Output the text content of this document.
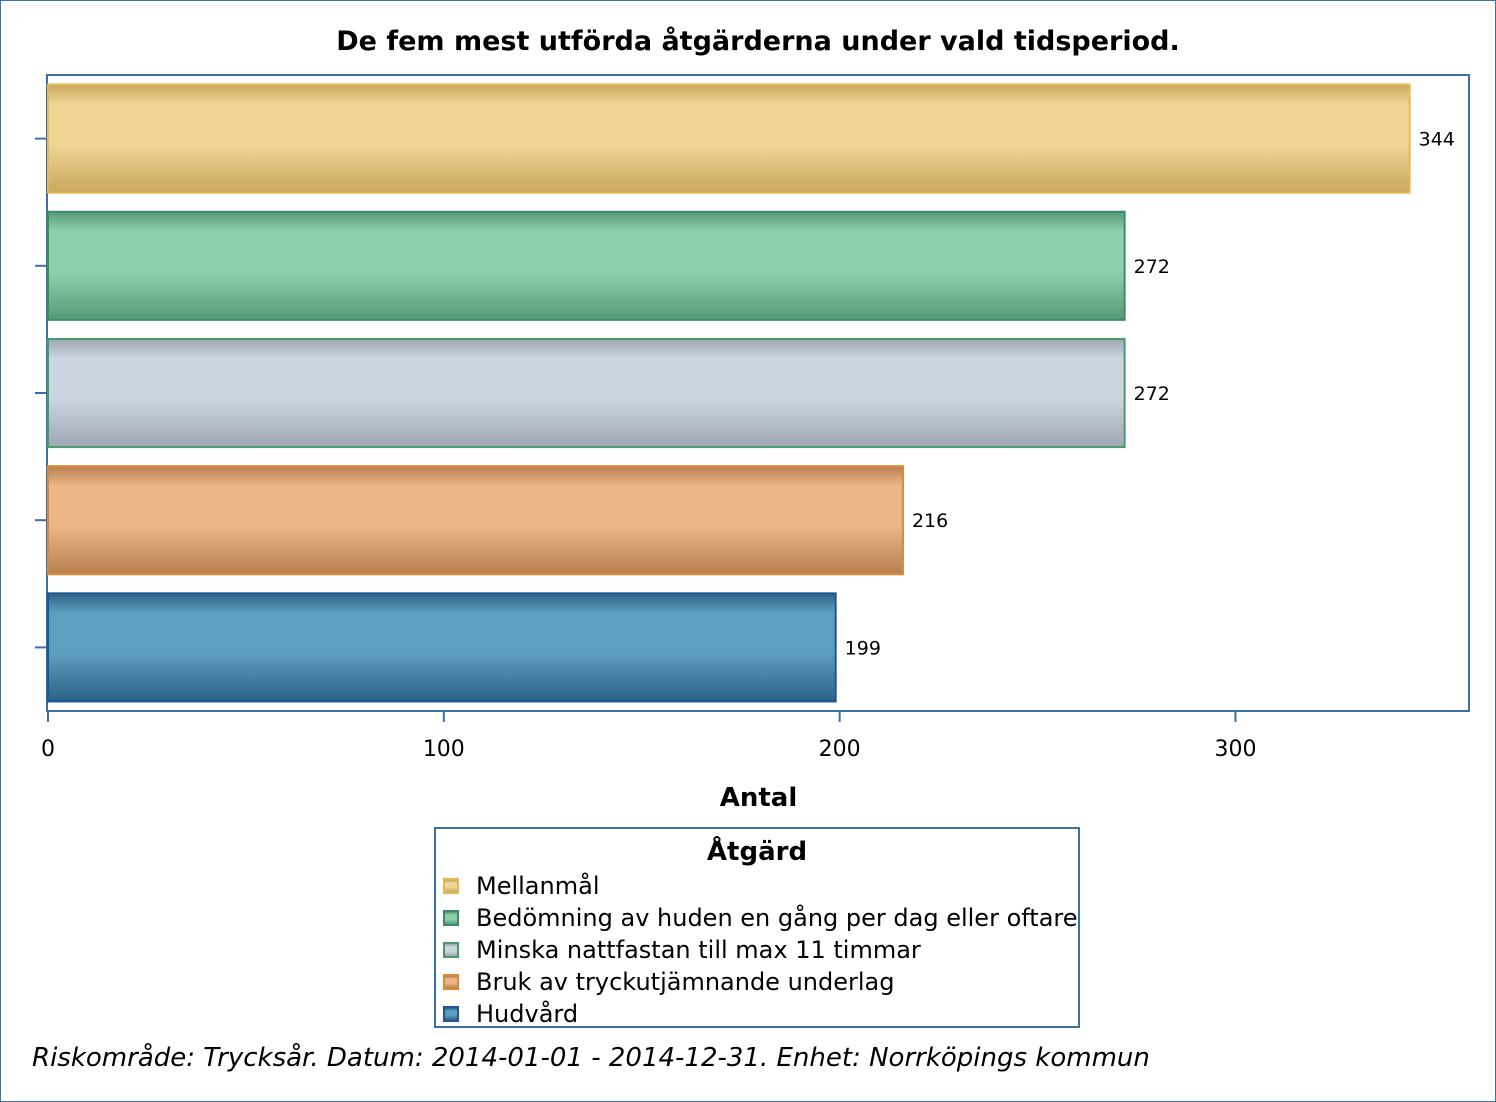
De fem mest utförda åtgärderna under vald tidsperiod.
344
272
272
216
199
0	100	200	300
Antal
Åtgärd
Mellanmål
Bedömning av huden en gång per dag eller oftare
Minska nattfastan till max 11 timmar
Bruk av tryckutjämnande underlag
Hudvård
Riskområde: Trycksår. Datum: 2014-01-01 - 2014-12-31. Enhet: Norrköpings kommun
